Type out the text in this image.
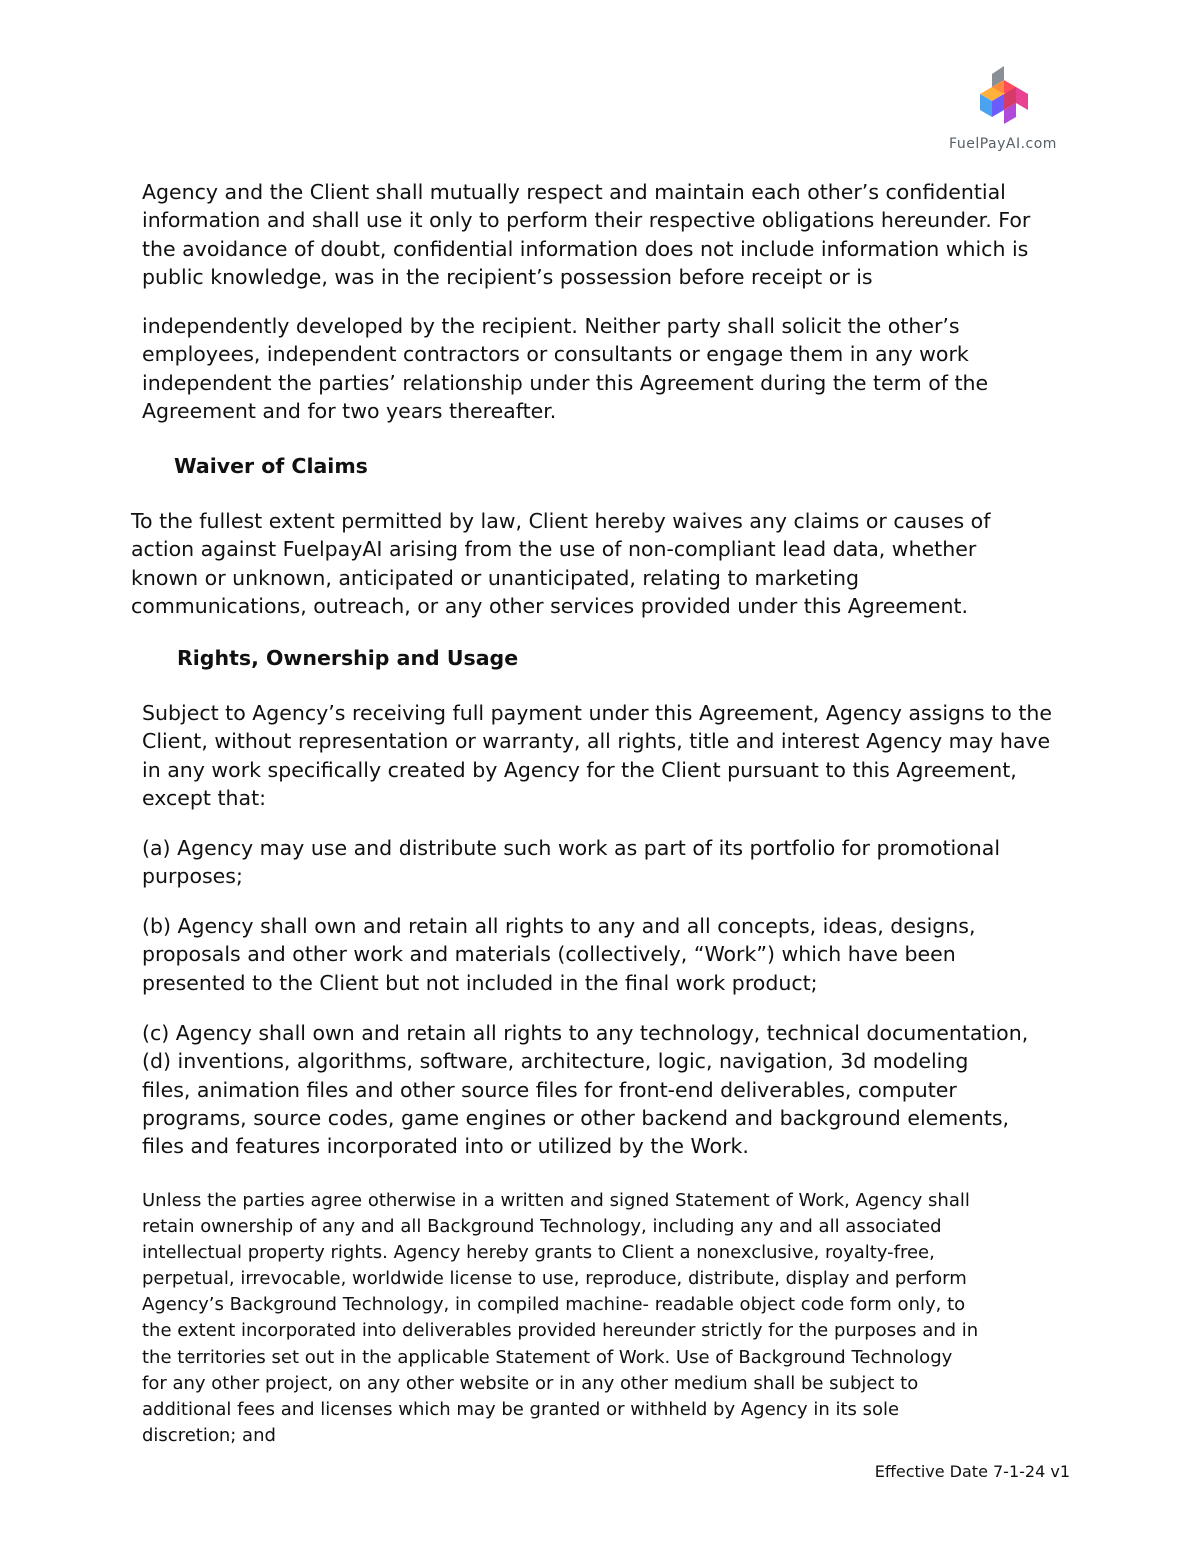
FuelPayAI.com

Agency and the Client shall mutually respect and maintain each other’s confidential
information and shall use it only to perform their respective obligations hereunder. For
the avoidance of doubt, confidential information does not include information which is
public knowledge, was in the recipient’s possession before receipt or is

independently developed by the recipient. Neither party shall solicit the other’s
employees, independent contractors or consultants or engage them in any work
independent the parties’ relationship under this Agreement during the term of the
Agreement and for two years thereafter.

Waiver of Claims

To the fullest extent permitted by law, Client hereby waives any claims or causes of
action against FuelpayAI arising from the use of non-compliant lead data, whether
known or unknown, anticipated or unanticipated, relating to marketing
communications, outreach, or any other services provided under this Agreement.

Rights, Ownership and Usage

Subject to Agency’s receiving full payment under this Agreement, Agency assigns to the
Client, without representation or warranty, all rights, title and interest Agency may have
in any work specifically created by Agency for the Client pursuant to this Agreement,
except that:

(a) Agency may use and distribute such work as part of its portfolio for promotional
purposes;

(b) Agency shall own and retain all rights to any and all concepts, ideas, designs,
proposals and other work and materials (collectively, “Work”) which have been
presented to the Client but not included in the final work product;

(c) Agency shall own and retain all rights to any technology, technical documentation,
(d) inventions, algorithms, software, architecture, logic, navigation, 3d modeling
files, animation files and other source files for front-end deliverables, computer
programs, source codes, game engines or other backend and background elements,
files and features incorporated into or utilized by the Work.

Unless the parties agree otherwise in a written and signed Statement of Work, Agency shall
retain ownership of any and all Background Technology, including any and all associated
intellectual property rights. Agency hereby grants to Client a nonexclusive, royalty-free,
perpetual, irrevocable, worldwide license to use, reproduce, distribute, display and perform
Agency’s Background Technology, in compiled machine- readable object code form only, to
the extent incorporated into deliverables provided hereunder strictly for the purposes and in
the territories set out in the applicable Statement of Work. Use of Background Technology
for any other project, on any other website or in any other medium shall be subject to
additional fees and licenses which may be granted or withheld by Agency in its sole
discretion; and

Effective Date 7-1-24 v1
